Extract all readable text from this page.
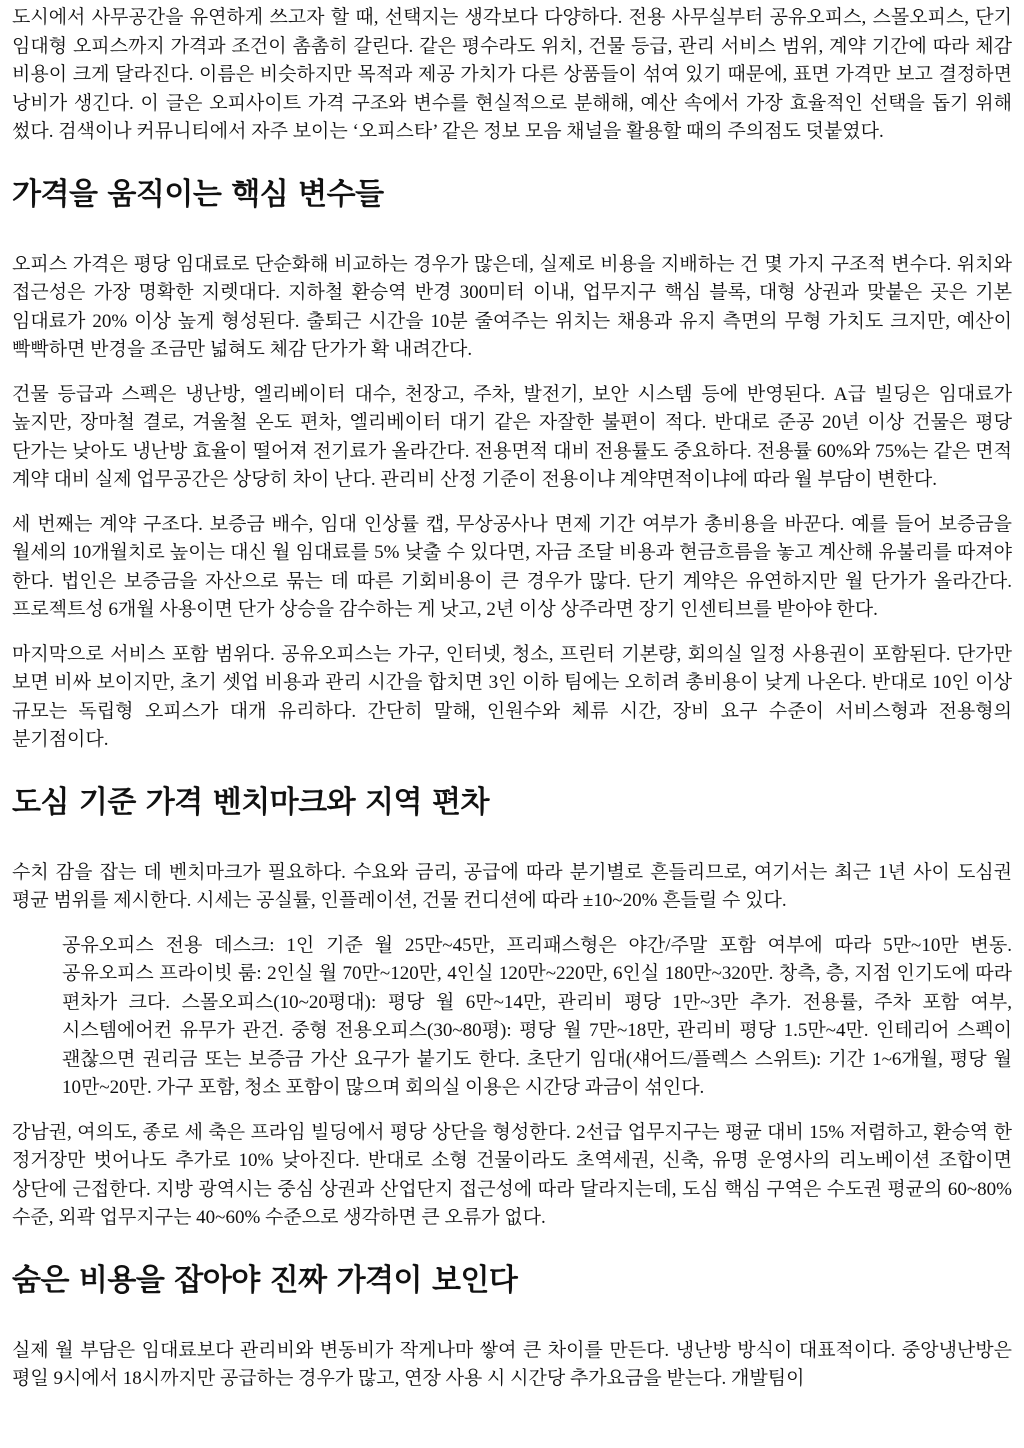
도시에서 사무공간을 유연하게 쓰고자 할 때, 선택지는 생각보다 다양하다. 전용 사무실부터 공유오피스, 스몰오피스, 단기 임대형 오피스까지 가격과 조건이 촘촘히 갈린다. 같은 평수라도 위치, 건물 등급, 관리 서비스 범위, 계약 기간에 따라 체감 비용이 크게 달라진다. 이름은 비슷하지만 목적과 제공 가치가 다른 상품들이 섞여 있기 때문에, 표면 가격만 보고 결정하면 낭비가 생긴다. 이 글은 오피사이트 가격 구조와 변수를 현실적으로 분해해, 예산 속에서 가장 효율적인 선택을 돕기 위해 썼다. 검색이나 커뮤니티에서 자주 보이는 ‘오피스타’ 같은 정보 모음 채널을 활용할 때의 주의점도 덧붙였다.

가격을 움직이는 핵심 변수들

오피스 가격은 평당 임대료로 단순화해 비교하는 경우가 많은데, 실제로 비용을 지배하는 건 몇 가지 구조적 변수다. 위치와 접근성은 가장 명확한 지렛대다. 지하철 환승역 반경 300미터 이내, 업무지구 핵심 블록, 대형 상권과 맞붙은 곳은 기본 임대료가 20% 이상 높게 형성된다. 출퇴근 시간을 10분 줄여주는 위치는 채용과 유지 측면의 무형 가치도 크지만, 예산이 빡빡하면 반경을 조금만 넓혀도 체감 단가가 확 내려간다.

건물 등급과 스펙은 냉난방, 엘리베이터 대수, 천장고, 주차, 발전기, 보안 시스템 등에 반영된다. A급 빌딩은 임대료가 높지만, 장마철 결로, 겨울철 온도 편차, 엘리베이터 대기 같은 자잘한 불편이 적다. 반대로 준공 20년 이상 건물은 평당 단가는 낮아도 냉난방 효율이 떨어져 전기료가 올라간다. 전용면적 대비 전용률도 중요하다. 전용률 60%와 75%는 같은 면적 계약 대비 실제 업무공간은 상당히 차이 난다. 관리비 산정 기준이 전용이냐 계약면적이냐에 따라 월 부담이 변한다.

세 번째는 계약 구조다. 보증금 배수, 임대 인상률 캡, 무상공사나 면제 기간 여부가 총비용을 바꾼다. 예를 들어 보증금을 월세의 10개월치로 높이는 대신 월 임대료를 5% 낮출 수 있다면, 자금 조달 비용과 현금흐름을 놓고 계산해 유불리를 따져야 한다. 법인은 보증금을 자산으로 묶는 데 따른 기회비용이 큰 경우가 많다. 단기 계약은 유연하지만 월 단가가 올라간다. 프로젝트성 6개월 사용이면 단가 상승을 감수하는 게 낫고, 2년 이상 상주라면 장기 인센티브를 받아야 한다.

마지막으로 서비스 포함 범위다. 공유오피스는 가구, 인터넷, 청소, 프린터 기본량, 회의실 일정 사용권이 포함된다. 단가만 보면 비싸 보이지만, 초기 셋업 비용과 관리 시간을 합치면 3인 이하 팀에는 오히려 총비용이 낮게 나온다. 반대로 10인 이상 규모는 독립형 오피스가 대개 유리하다. 간단히 말해, 인원수와 체류 시간, 장비 요구 수준이 서비스형과 전용형의 분기점이다.

도심 기준 가격 벤치마크와 지역 편차

수치 감을 잡는 데 벤치마크가 필요하다. 수요와 금리, 공급에 따라 분기별로 흔들리므로, 여기서는 최근 1년 사이 도심권 평균 범위를 제시한다. 시세는 공실률, 인플레이션, 건물 컨디션에 따라 ±10~20% 흔들릴 수 있다.

공유오피스 전용 데스크: 1인 기준 월 25만~45만, 프리패스형은 야간/주말 포함 여부에 따라 5만~10만 변동. 공유오피스 프라이빗 룸: 2인실 월 70만~120만, 4인실 120만~220만, 6인실 180만~320만. 창측, 층, 지점 인기도에 따라 편차가 크다. 스몰오피스(10~20평대): 평당 월 6만~14만, 관리비 평당 1만~3만 추가. 전용률, 주차 포함 여부, 시스템에어컨 유무가 관건. 중형 전용오피스(30~80평): 평당 월 7만~18만, 관리비 평당 1.5만~4만. 인테리어 스펙이 괜찮으면 권리금 또는 보증금 가산 요구가 붙기도 한다. 초단기 임대(섀어드/플렉스 스위트): 기간 1~6개월, 평당 월 10만~20만. 가구 포함, 청소 포함이 많으며 회의실 이용은 시간당 과금이 섞인다.

강남권, 여의도, 종로 세 축은 프라임 빌딩에서 평당 상단을 형성한다. 2선급 업무지구는 평균 대비 15% 저렴하고, 환승역 한 정거장만 벗어나도 추가로 10% 낮아진다. 반대로 소형 건물이라도 초역세권, 신축, 유명 운영사의 리노베이션 조합이면 상단에 근접한다. 지방 광역시는 중심 상권과 산업단지 접근성에 따라 달라지는데, 도심 핵심 구역은 수도권 평균의 60~80% 수준, 외곽 업무지구는 40~60% 수준으로 생각하면 큰 오류가 없다.

숨은 비용을 잡아야 진짜 가격이 보인다

실제 월 부담은 임대료보다 관리비와 변동비가 작게나마 쌓여 큰 차이를 만든다. 냉난방 방식이 대표적이다. 중앙냉난방은 평일 9시에서 18시까지만 공급하는 경우가 많고, 연장 사용 시 시간당 추가요금을 받는다. 개발팀이
